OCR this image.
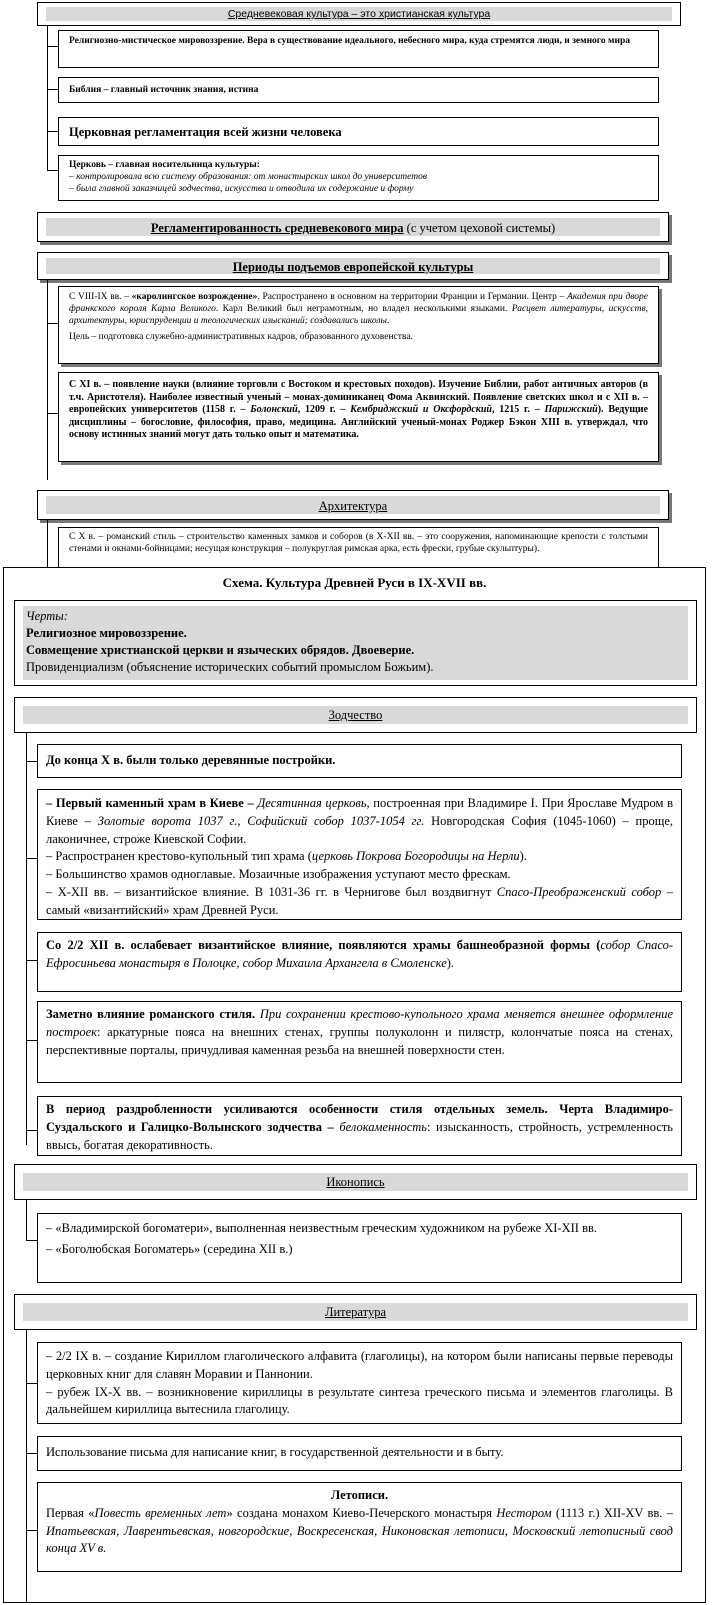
Средневековая культура – это христианская культура

Религиозно-мистическое мировоззрение. Вера в существование идеального, небесного мира, куда стремятся люди, и земного мира

Библия – главный источник знания, истина

Церковная регламентация всей жизни человека

Церковь – главная носительница культуры:

– контролировала всю систему образования: от монастырских школ до университетов

– была главной заказчицей зодчества, искусства и отводила их содержание и форму

Регламентированность средневекового мира (с учетом цеховой системы)
Периоды подъемов европейской культуры

С VIII-IX вв. – «каролингское возрождение». Распространено в основном на территории Франции и Германии. Центр – Академия при дворе франкского короля Карла Великого. Карл Великий был неграмотным, но владел несколькими языками. Расцвет литературы, искусств, архитектуры, юриспруденции и теологических изысканий; создавались школы.

Цель – подготовка служебно-административных кадров, образованного духовенства.

С XI в. – появление науки (влияние торговли с Востоком и крестовых походов). Изучение Библии, работ античных авторов (в т.ч. Аристотеля). Наиболее известный ученый – монах-доминиканец Фома Аквинский. Появление светских школ и с XII в. – европейских университетов (1158 г. – Болонский, 1209 г. – Кембриджский и Оксфордский, 1215 г. – Парижский). Ведущие дисциплины – богословие, философия, право, медицина. Английский ученый-монах Роджер Бэкон XIII в. утверждал, что основу истинных знаний могут дать только опыт и математика.

Архитектура

С X в. – романский стиль – строительство каменных замков и соборов (в X-XII вв. – это сооружения, напоминающие крепости с толстыми стенами и окнами-бойницами; несущая конструкция – полукруглая римская арка, есть фрески, грубые скульптуры).

Схема. Культура Древней Руси в IX-XVII вв.
Черты:
Религиозное мировоззрение.
Совмещение христианской церкви и языческих обрядов. Двоеверие.
Провиденциализм (объяснение исторических событий промыслом Божьим).
Зодчество

До конца X в. были только деревянные постройки.

– Первый каменный храм в Киеве – Десятинная церковь, построенная при Владимире I. При Ярославе Мудром в Киеве – Золотые ворота 1037 г., Софийский собор 1037-1054 гг. Новгородская София (1045-1060) – проще, лаконичнее, строже Киевской Софии.

– Распространен крестово-купольный тип храма (церковь Покрова Богородицы на Нерли).

– Большинство храмов одноглавые. Мозаичные изображения уступают место фрескам.

– X-XII вв. – византийское влияние. В 1031-36 гг. в Чернигове был воздвигнут Спасо-Преображенский собор – самый «византийский» храм Древней Руси.

Со 2/2 XII в. ослабевает византийское влияние, появляются храмы башнеобразной формы (собор Спасо-Ефросиньева монастыря в Полоцке, собор Михаила Архангела в Смоленске).

Заметно влияние романского стиля. При сохранении крестово-купольного храма меняется внешнее оформление построек: аркатурные пояса на внешних стенах, группы полуколонн и пилястр, колончатые пояса на стенах, перспективные порталы, причудливая каменная резьба на внешней поверхности стен.

В период раздробленности усиливаются особенности стиля отдельных земель. Черта Владимиро-Суздальского и Галицко-Волынского зодчества – белокаменность: изысканность, стройность, устремленность ввысь, богатая декоративность.

Иконопись

– «Владимирской богоматери», выполненная неизвестным греческим художником на рубеже XI-XII вв.

– «Боголюбская Богоматерь» (середина XII в.)

Литература

– 2/2 IX в. – создание Кириллом глаголического алфавита (глаголицы), на котором были написаны первые переводы церковных книг для славян Моравии и Паннонии.

– рубеж IX-X вв. – возникновение кириллицы в результате синтеза греческого письма и элементов глаголицы. В дальнейшем кириллица вытеснила глаголицу.

Использование письма для написание книг, в государственной деятельности и в быту.

Летописи.

Первая «Повесть временных лет» создана монахом Киево-Печерского монастыря Нестором (1113 г.) XII-XV вв. – Ипатьевская, Лаврентьевская, новгородские, Воскресенская, Никоновская летописи, Московский летописный свод конца XV в.
